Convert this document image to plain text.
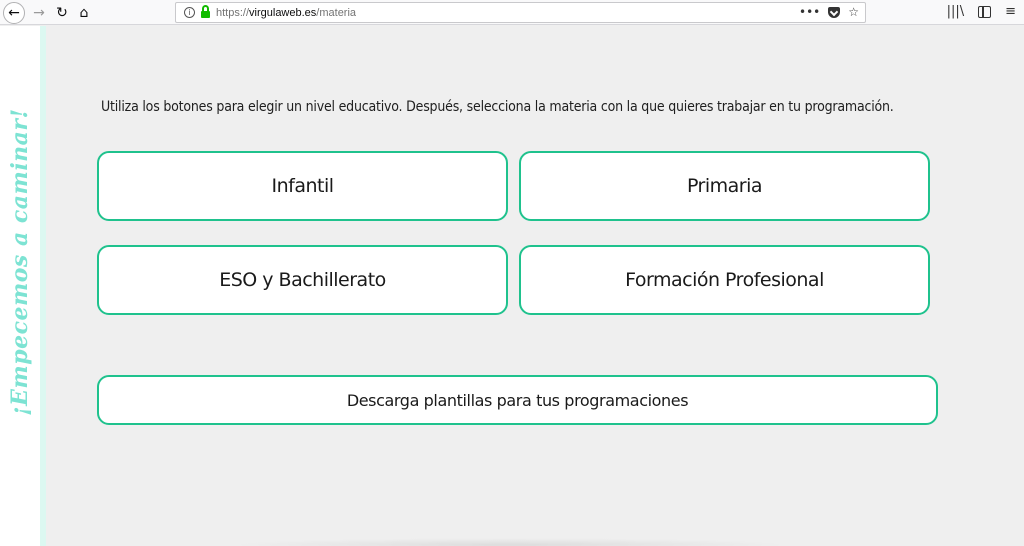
← → ↻ ⌂	i	https:// virgulaweb.es /materia	••• ☆	|||\	≡
¡Empecemos a caminar!
Utiliza los botones para elegir un nivel educativo. Después, selecciona la materia con la que quieres trabajar en tu programación.
Infantil	Primaria
ESO y Bachillerato	Formación Profesional
Descarga plantillas para tus programaciones
